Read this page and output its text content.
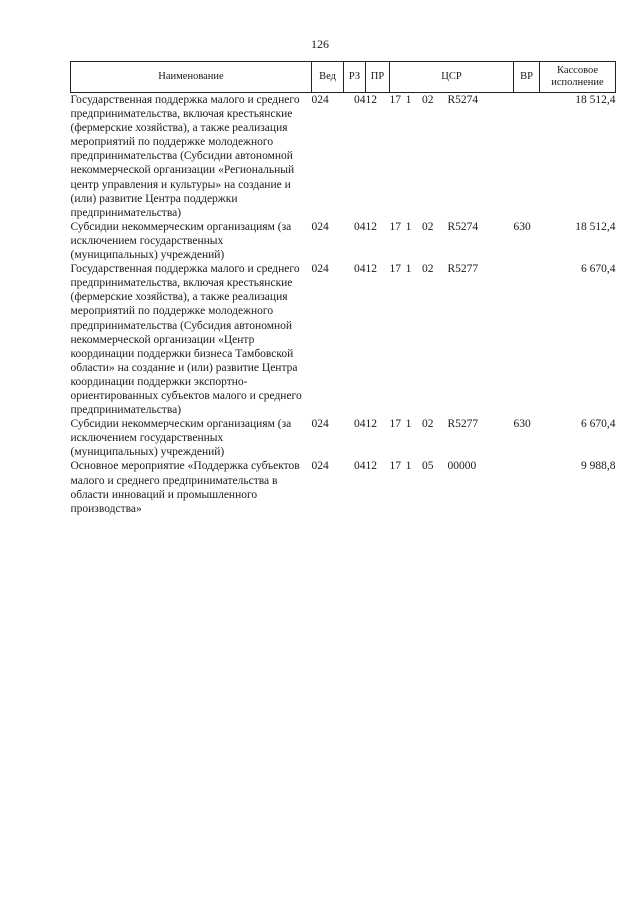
126
Наименование	Вед	РЗ	ПР	ЦСР	ВР	Кассовое исполнение
Государственная поддержка малого и среднего предпринимательства, включая крестьянские (фермерские хозяйства), а также реализация мероприятий по поддержке молодежного предпринимательства (Субсидии автономной некоммерческой организации «Региональный центр управления и культуры» на создание и (или) развитие Центра поддержки предпринимательства)	024	04	12	17 1 02 R5274		18 512,4
Субсидии некоммерческим организациям (за исключением государственных (муниципальных) учреждений)	024	04	12	17 1 02 R5274	630	18 512,4
Государственная поддержка малого и среднего предпринимательства, включая крестьянские (фермерские хозяйства), а также реализация мероприятий по поддержке молодежного предпринимательства (Субсидия автономной некоммерческой организации «Центр координации поддержки бизнеса Тамбовской области» на создание и (или) развитие Центра координации поддержки экспортно-ориентированных субъектов малого и среднего предпринимательства)	024	04	12	17 1 02 R5277		6 670,4
Субсидии некоммерческим организациям (за исключением государственных (муниципальных) учреждений)	024	04	12	17 1 02 R5277	630	6 670,4
Основное мероприятие «Поддержка субъектов малого и среднего предпринимательства в области инноваций и промышленного производства»	024	04	12	17 1 05 00000		9 988,8
